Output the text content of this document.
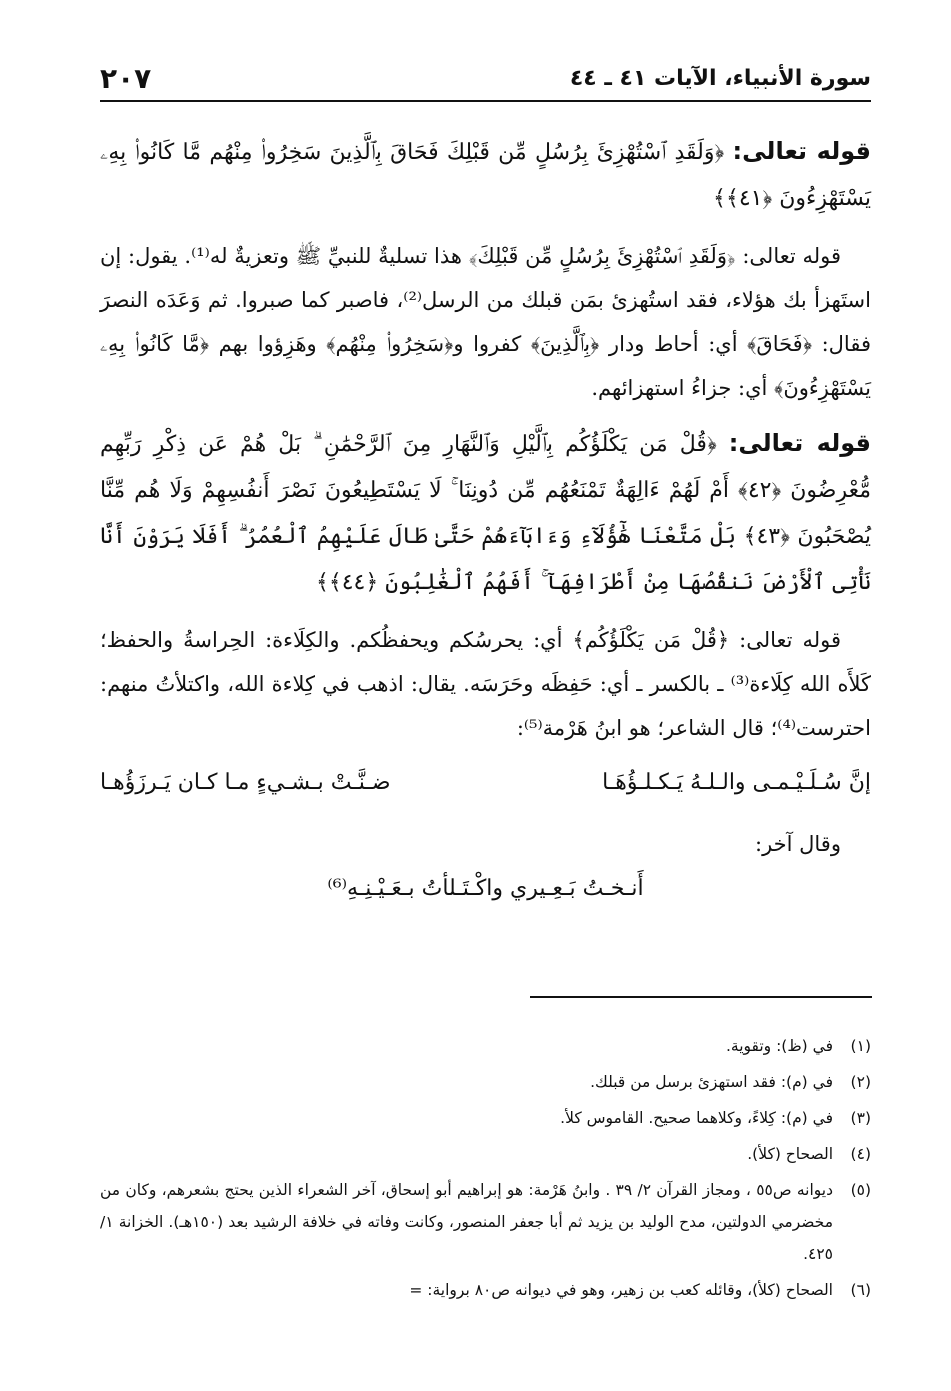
سورة الأنبياء، الآيات ٤١ ـ ٤٤
٢٠٧

قوله تعالى: ﴿وَلَقَدِ ٱسْتُهْزِئَ بِرُسُلٍ مِّن قَبْلِكَ فَحَاقَ بِٱلَّذِينَ سَخِرُوا۟ مِنْهُم مَّا كَانُوا۟ بِهِۦ يَسْتَهْزِءُونَ ﴿٤١﴾﴾

قوله تعالى: ﴿وَلَقَدِ ٱسْتُهْزِئَ بِرُسُلٍ مِّن قَبْلِكَ﴾ هذا تسليةٌ للنبيِّ ﷺ وتعزيةٌ له⁽¹⁾. يقول: إن استَهزأ بك هؤلاء، فقد استُهزئ بمَن قبلك من الرسل⁽²⁾، فاصبر كما صبروا. ثم وَعَدَه النصرَ فقال: ﴿فَحَاقَ﴾ أي: أحاط ودار ﴿بِٱلَّذِينَ﴾ كفروا و﴿سَخِرُوا۟ مِنْهُم﴾ وهَزِؤوا بهم ﴿مَّا كَانُوا۟ بِهِۦ يَسْتَهْزِءُونَ﴾ أي: جزاءُ استهزائهم.

قوله تعالى: ﴿قُلْ مَن يَكْلَؤُكُم بِٱلَّيْلِ وَٱلنَّهَارِ مِنَ ٱلرَّحْمَٰنِ ۗ بَلْ هُمْ عَن ذِكْرِ رَبِّهِم مُّعْرِضُونَ ﴿٤٢﴾ أَمْ لَهُمْ ءَالِهَةٌ تَمْنَعُهُم مِّن دُونِنَا ۚ لَا يَسْتَطِيعُونَ نَصْرَ أَنفُسِهِمْ وَلَا هُم مِّنَّا يُصْحَبُونَ ﴿٤٣﴾ بَلْ مَتَّعْنَا هَٰٓؤُلَآءِ وَءَابَآءَهُمْ حَتَّىٰ طَالَ عَلَيْهِمُ ٱلْعُمُرُ ۗ أَفَلَا يَرَوْنَ أَنَّا نَأْتِى ٱلْأَرْضَ نَنقُصُهَا مِنْ أَطْرَافِهَآ ۚ أَفَهُمُ ٱلْغَٰلِبُونَ ﴿٤٤﴾﴾

قوله تعالى: ﴿قُلْ مَن يَكْلَؤُكُم﴾ أي: يحرسُكم ويحفظُكم. والكِلَاءة: الحِراسةُ والحفظ؛ كَلأَه الله كِلَاءة⁽³⁾ ـ بالكسر ـ أي: حَفِظَه وحَرَسَه. يقال: اذهب في كِلاءة الله، واكتلأتُ منهم: احترست⁽⁴⁾؛ قال الشاعر؛ هو ابنُ هَرْمة⁽⁵⁾:

إنَّ سُـلَـيْـمـى والـلـهُ يَـكـلـؤُهَـا
ضـنَّـتْ بـشـيءٍ مـا كـان يَـرزَؤُهـا
وقال آخر:
أَنـخـتُ بَـعِـيري واكْـتَـلأتُ بـعَـيْـنِـهِ⁽⁶⁾

(١)في (ظ): وتقوية.

(٢)في (م): فقد استهزئ برسل من قبلك.

(٣)في (م): كِلاءً، وكلاهما صحيح. القاموس كلأ.

(٤)الصحاح (كلأ).

(٥)ديوانه ص٥٥ ، ومجاز القرآن ٢/ ٣٩ . وابنُ هَرْمة: هو إبراهيم أبو إسحاق، آخر الشعراء الذين يحتج بشعرهم، وكان من مخضرمي الدولتين، مدح الوليد بن يزيد ثم أبا جعفر المنصور، وكانت وفاته في خلافة الرشيد بعد (١٥٠هـ). الخزانة ١/ ٤٢٥.

(٦)الصحاح (كلأ)، وقائله كعب بن زهير، وهو في ديوانه ص٨٠ برواية: =
